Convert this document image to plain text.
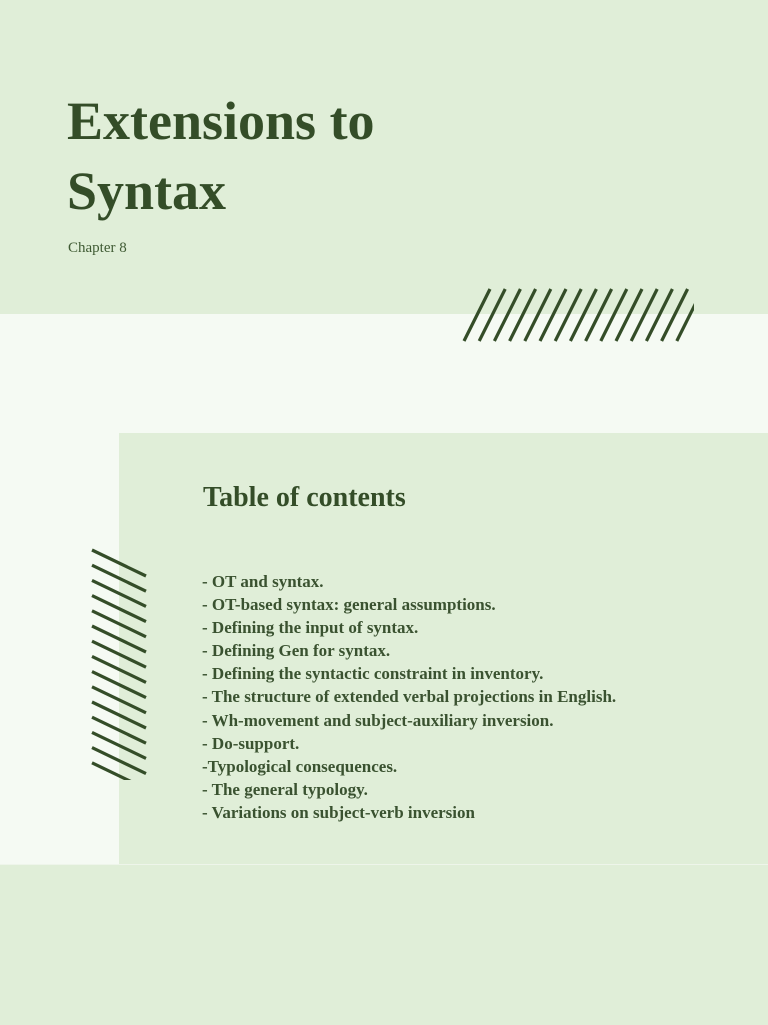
Extensions to
Syntax
Chapter 8
Table of contents
- OT and syntax.
- OT-based syntax: general assumptions.
- Defining the input of syntax.
- Defining Gen for syntax.
- Defining the syntactic constraint in inventory.
- The structure of extended verbal projections in English.
- Wh-movement and subject-auxiliary inversion.
- Do-support.
-Typological consequences.
- The general typology.
- Variations on subject-verb inversion
